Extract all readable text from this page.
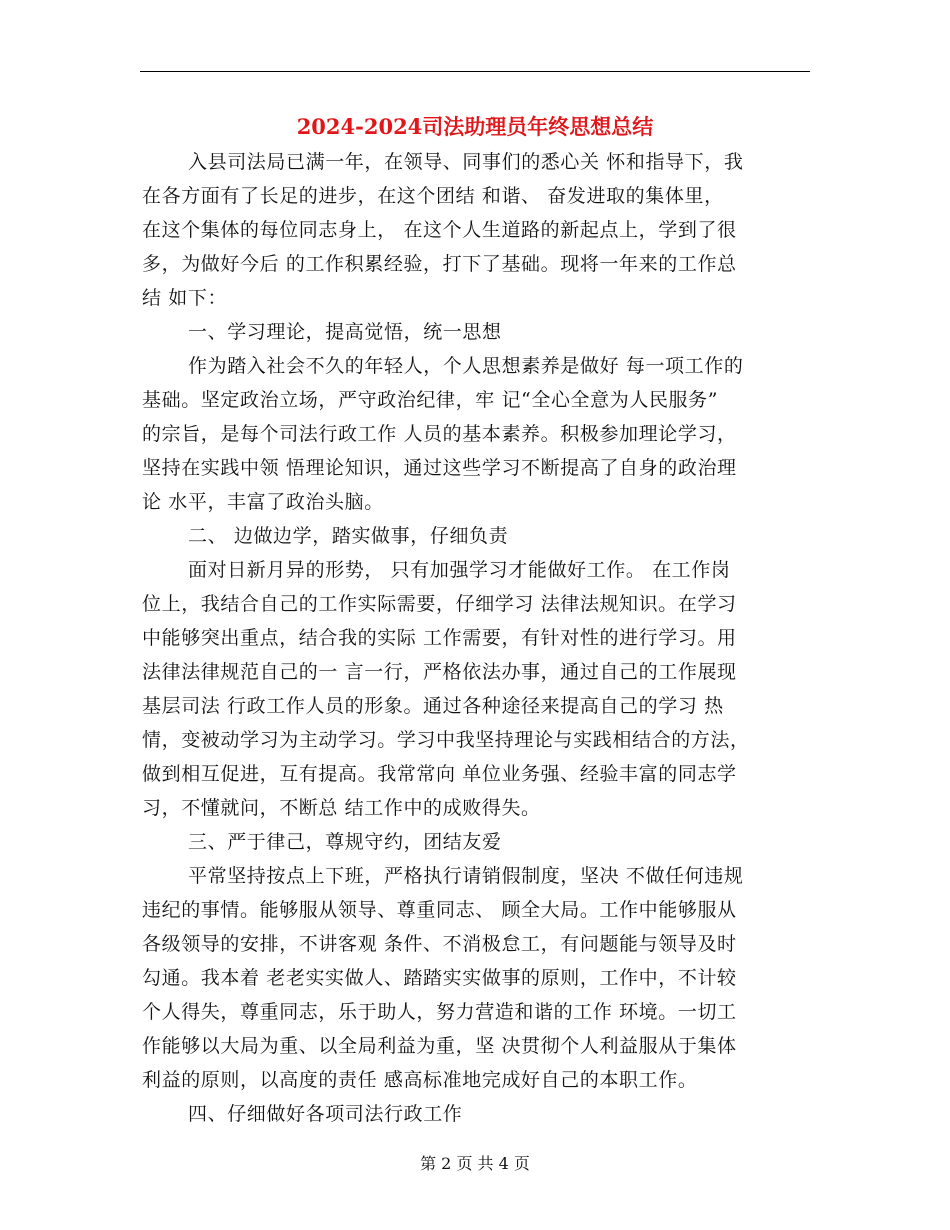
2024-2024司法助理员年终思想总结
入县司法局已满一年，在领导、同事们的悉心关 怀和指导下，我
在各方面有了长足的进步，在这个团结 和谐、 奋发进取的集体里，
在这个集体的每位同志身上， 在这个人生道路的新起点上，学到了很
多，为做好今后 的工作积累经验，打下了基础。现将一年来的工作总
结 如下：
一、学习理论，提高觉悟，统一思想
作为踏入社会不久的年轻人，个人思想素养是做好 每一项工作的
基础。坚定政治立场，严守政治纪律，牢 记“全心全意为人民服务”
的宗旨，是每个司法行政工作 人员的基本素养。积极参加理论学习，
坚持在实践中领 悟理论知识，通过这些学习不断提高了自身的政治理
论 水平，丰富了政治头脑。
二、 边做边学，踏实做事，仔细负责
面对日新月异的形势， 只有加强学习才能做好工作。 在工作岗
位上，我结合自己的工作实际需要，仔细学习 法律法规知识。在学习
中能够突出重点，结合我的实际 工作需要，有针对性的进行学习。用
法律法律规范自己的一 言一行，严格依法办事，通过自己的工作展现
基层司法 行政工作人员的形象。通过各种途径来提高自己的学习 热
情，变被动学习为主动学习。学习中我坚持理论与实践相结合的方法，
做到相互促进，互有提高。我常常向 单位业务强、经验丰富的同志学
习，不懂就问，不断总 结工作中的成败得失。
三、严于律己，尊规守约，团结友爱
平常坚持按点上下班，严格执行请销假制度，坚决 不做任何违规
违纪的事情。能够服从领导、尊重同志、 顾全大局。工作中能够服从
各级领导的安排，不讲客观 条件、不消极怠工，有问题能与领导及时
勾通。我本着 老老实实做人、踏踏实实做事的原则，工作中，不计较
个人得失，尊重同志，乐于助人，努力营造和谐的工作 环境。一切工
作能够以大局为重、以全局利益为重，坚 决贯彻个人利益服从于集体
利益的原则，以高度的责任 感高标准地完成好自己的本职工作。
四、仔细做好各项司法行政工作
第 2 页 共 4 页
